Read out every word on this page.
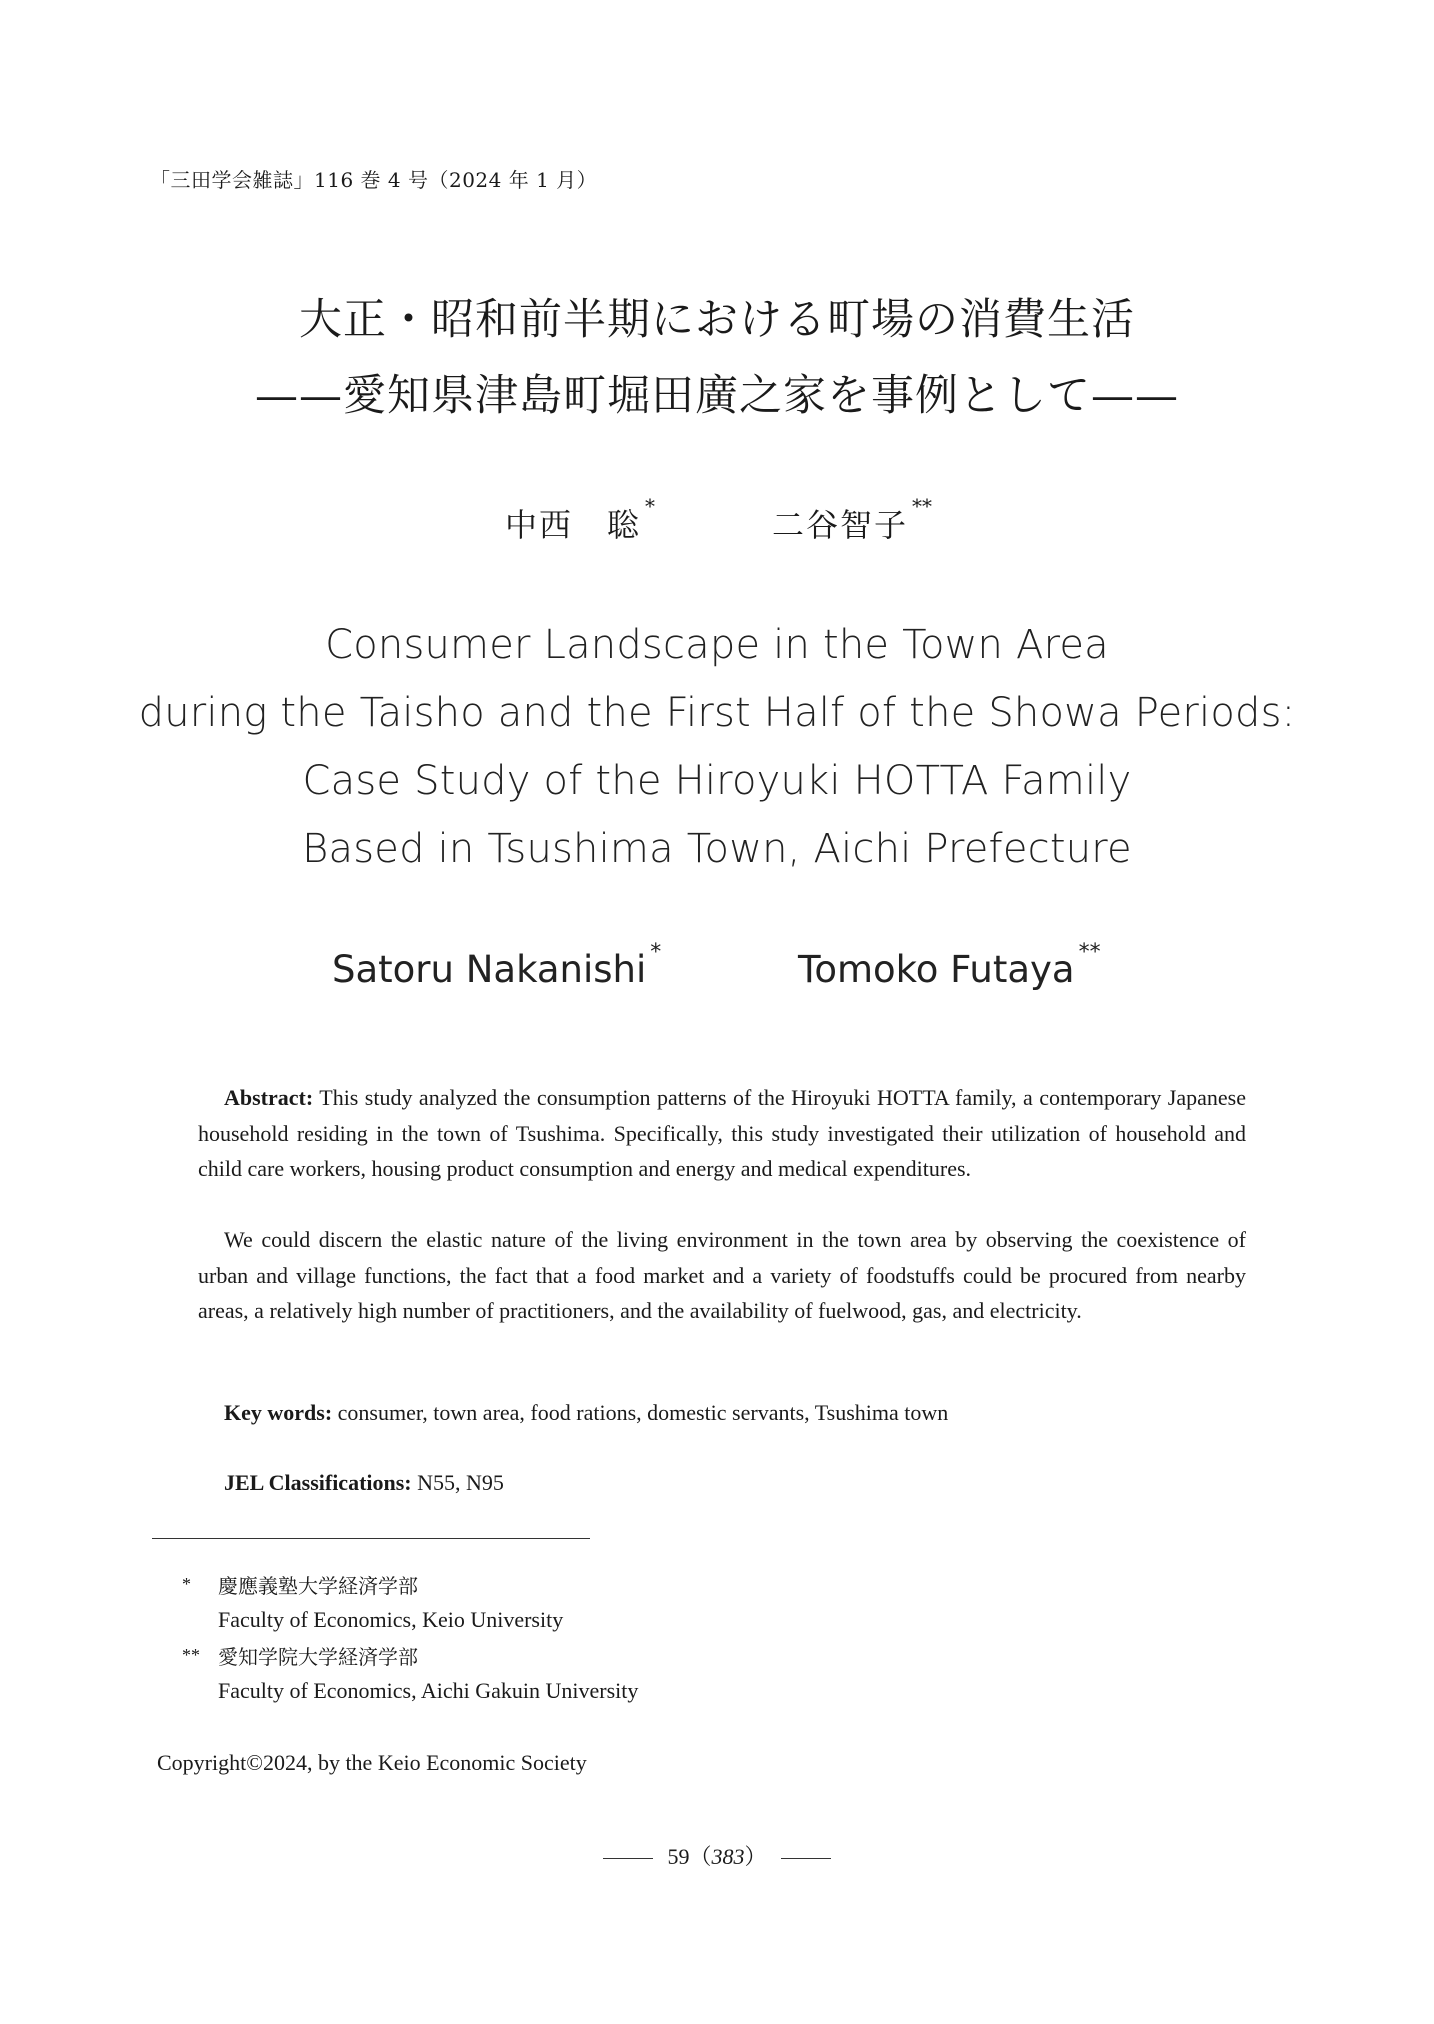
「三田学会雑誌」116 巻 4 号（2024 年 1 月）
大正・昭和前半期における町場の消費生活
——愛知県津島町堀田廣之家を事例として——
中西　聡 *	二谷智子 **
Consumer Landscape in the Town Area
during the Taisho and the First Half of the Showa Periods:
Case Study of the Hiroyuki HOTTA Family
Based in Tsushima Town, Aichi Prefecture
Satoru Nakanishi *	Tomoko Futaya **
Abstract: This study analyzed the consumption patterns of the Hiroyuki HOTTA family, a contemporary Japanese household residing in the town of Tsushima. Specifically, this study investigated their utilization of household and child care workers, housing product consumption and energy and medical expenditures.
We could discern the elastic nature of the living environment in the town area by observing the coexistence of urban and village functions, the fact that a food market and a variety of foodstuffs could be procured from nearby areas, a relatively high number of practitioners, and the availability of fuelwood, gas, and electricity.
Key words: consumer, town area, food rations, domestic servants, Tsushima town
JEL Classifications: N55, N95
* 慶應義塾大学経済学部
Faculty of Economics, Keio University
** 愛知学院大学経済学部
Faculty of Economics, Aichi Gakuin University
Copyright©2024, by the Keio Economic Society
59（383）
